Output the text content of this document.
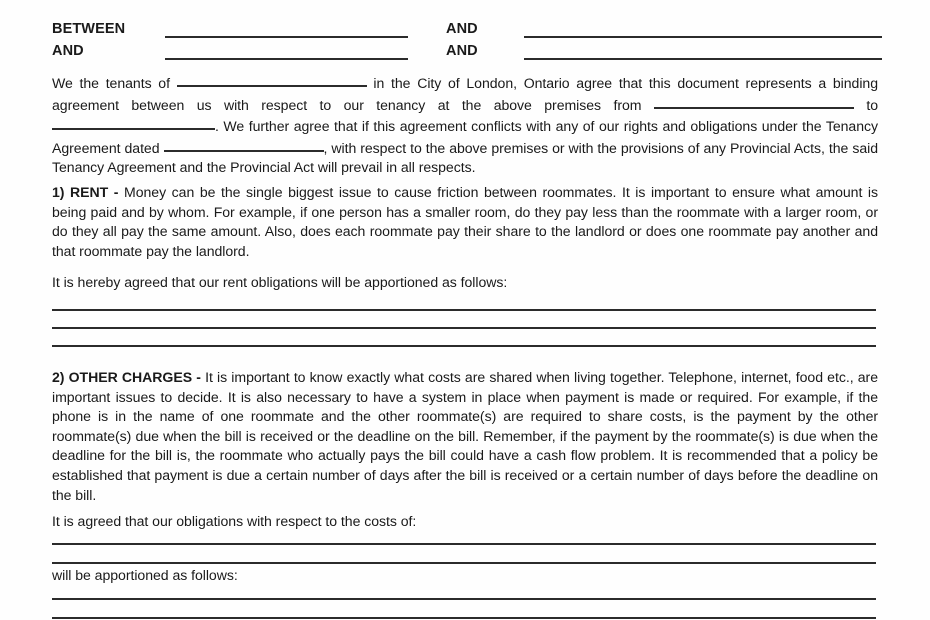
BETWEEN	AND
AND	AND
We the tenants of	in the City of London, Ontario agree that this document represents a binding agreement between us with respect to our tenancy at the above premises from	to . We further agree that if this agreement conflicts with any of our rights and obligations under the Tenancy Agreement dated	, with respect to the above premises or with the provisions of any Provincial Acts, the said Tenancy Agreement and the Provincial Act will prevail in all respects.
1) RENT - Money can be the single biggest issue to cause friction between roommates. It is important to ensure what amount is being paid and by whom. For example, if one person has a smaller room, do they pay less than the roommate with a larger room, or do they all pay the same amount. Also, does each roommate pay their share to the landlord or does one roommate pay another and that roommate pay the landlord.
It is hereby agreed that our rent obligations will be apportioned as follows:
2) OTHER CHARGES - It is important to know exactly what costs are shared when living together. Telephone, internet, food etc., are important issues to decide. It is also necessary to have a system in place when payment is made or required. For example, if the phone is in the name of one roommate and the other roommate(s) are required to share costs, is the payment by the other roommate(s) due when the bill is received or the deadline on the bill. Remember, if the payment by the roommate(s) is due when the deadline for the bill is, the roommate who actually pays the bill could have a cash flow problem. It is recommended that a policy be established that payment is due a certain number of days after the bill is received or a certain number of days before the deadline on the bill.
It is agreed that our obligations with respect to the costs of:
will be apportioned as follows:
